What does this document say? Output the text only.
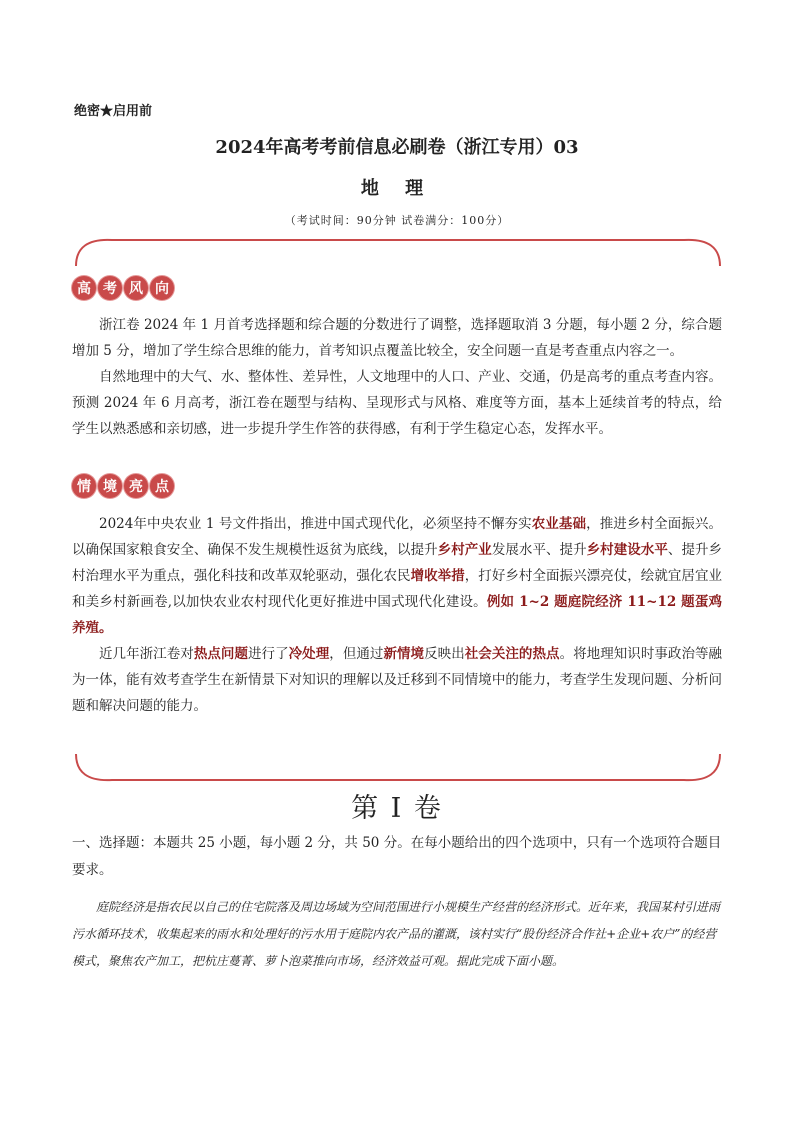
绝密★启用前
2024年高考考前信息必刷卷（浙江专用）03
地 理
（考试时间：90分钟 试卷满分：100分）
高 考 风 向

浙江卷 2024 年 1 月首考选择题和综合题的分数进行了调整，选择题取消 3 分题，每小题 2 分，综合题增加 5 分，增加了学生综合思维的能力，首考知识点覆盖比较全，安全问题一直是考查重点内容之一。

自然地理中的大气、水、整体性、差异性，人文地理中的人口、产业、交通，仍是高考的重点考查内容。预测 2024 年 6 月高考，浙江卷在题型与结构、呈现形式与风格、难度等方面，基本上延续首考的特点，给学生以熟悉感和亲切感，进一步提升学生作答的获得感，有利于学生稳定心态，发挥水平。

情 境 亮 点

2024年中央农业 1 号文件指出，推进中国式现代化，必须坚持不懈夯实农业基础，推进乡村全面振兴。以确保国家粮食安全、确保不发生规模性返贫为底线，以提升乡村产业发展水平、提升乡村建设水平、提升乡村治理水平为重点，强化科技和改革双轮驱动，强化农民增收举措，打好乡村全面振兴漂亮仗，绘就宜居宜业和美乡村新画卷,以加快农业农村现代化更好推进中国式现代化建设。例如 1~2 题庭院经济 11~12 题蛋鸡养殖。

近几年浙江卷对热点问题进行了冷处理，但通过新情境反映出社会关注的热点。将地理知识时事政治等融为一体，能有效考查学生在新情景下对知识的理解以及迁移到不同情境中的能力，考查学生发现问题、分析问题和解决问题的能力。

第 I 卷
一、选择题：本题共 25 小题，每小题 2 分，共 50 分。在每小题给出的四个选项中，只有一个选项符合题目要求。

庭院经济是指农民以自己的住宅院落及周边场域为空间范围进行小规模生产经营的经济形式。近年来，我国某村引进雨污水循环技术，收集起来的雨水和处理好的污水用于庭院内农产品的灌溉，该村实行“股份经济合作社+企业+农户”的经营模式，聚焦农产加工，把杭庄蔓菁、萝卜泡菜推向市场，经济效益可观。据此完成下面小题。
